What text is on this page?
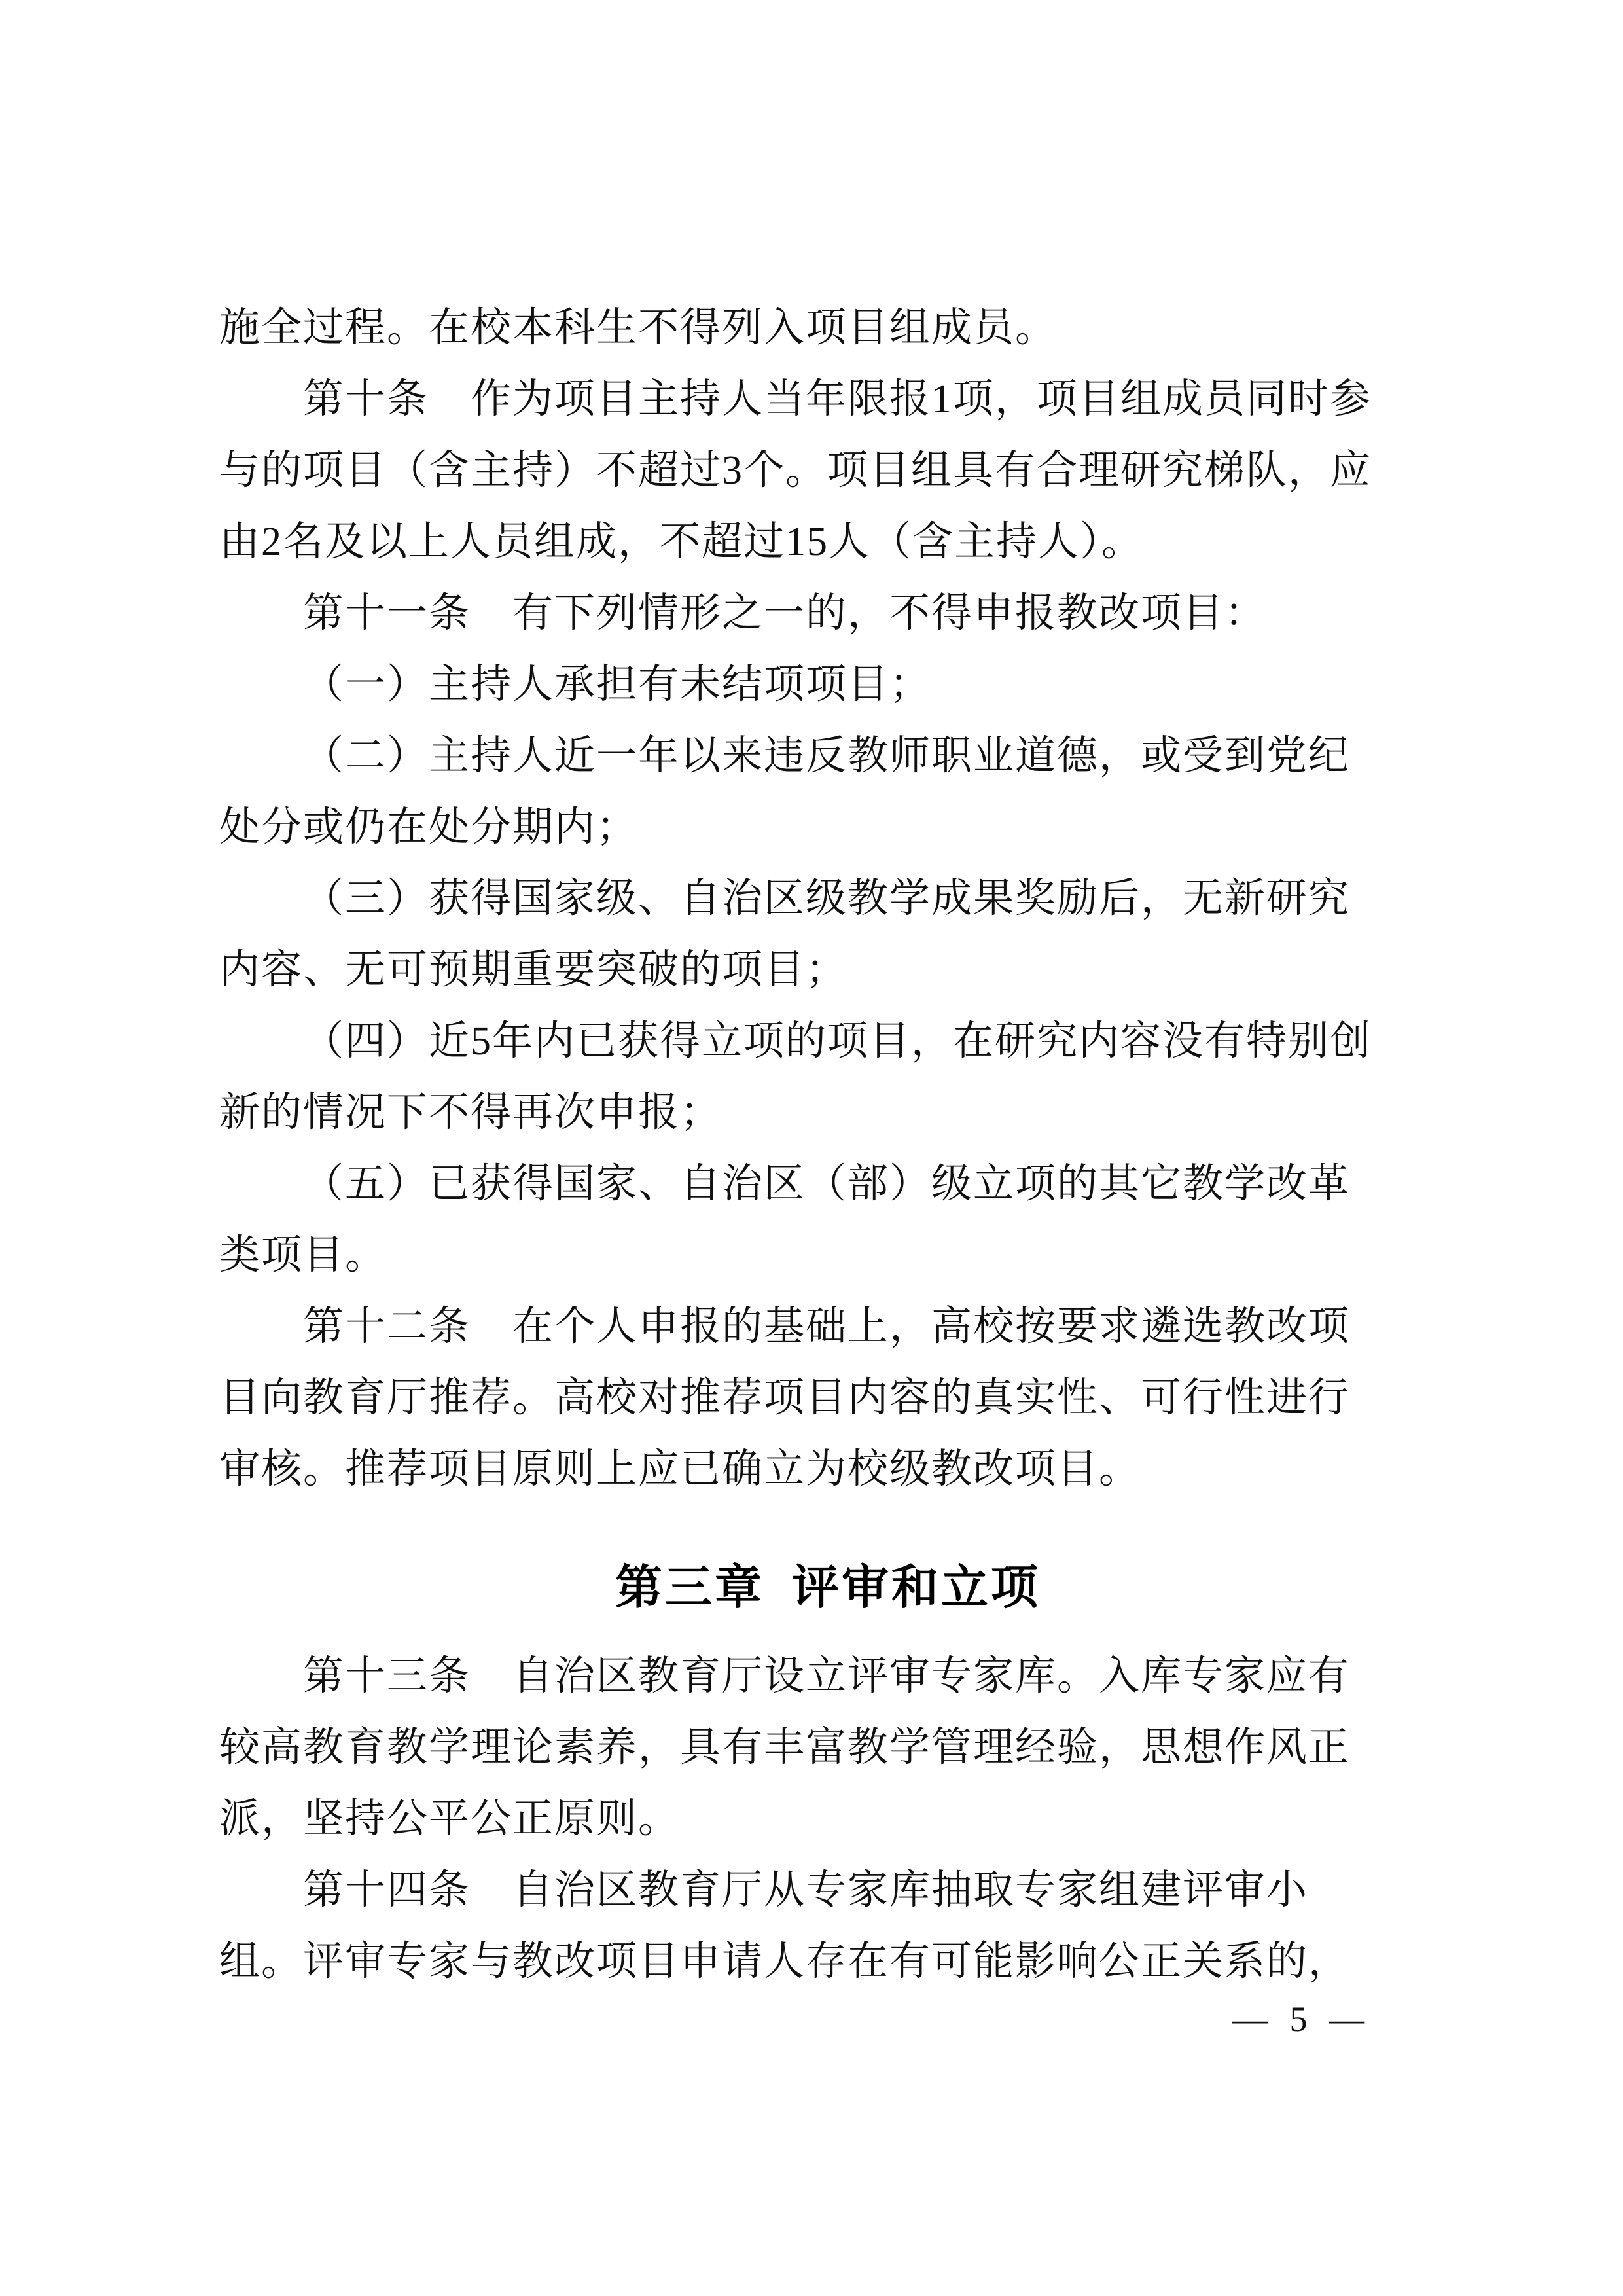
施全过程。在校本科生不得列入项目组成员。

第十条　作为项目主持人当年限报1项，项目组成员同时参

与的项目（含主持）不超过3个。项目组具有合理研究梯队，应

由2名及以上人员组成，不超过15人（含主持人）。

第十一条　有下列情形之一的，不得申报教改项目：

（一）主持人承担有未结项项目；

（二）主持人近一年以来违反教师职业道德，或受到党纪

处分或仍在处分期内；

（三）获得国家级、自治区级教学成果奖励后，无新研究

内容、无可预期重要突破的项目；

（四）近5年内已获得立项的项目，在研究内容没有特别创

新的情况下不得再次申报；

（五）已获得国家、自治区（部）级立项的其它教学改革

类项目。

第十二条　在个人申报的基础上，高校按要求遴选教改项

目向教育厅推荐。高校对推荐项目内容的真实性、可行性进行

审核。推荐项目原则上应已确立为校级教改项目。

第三章 评审和立项

第十三条　自治区教育厅设立评审专家库。入库专家应有

较高教育教学理论素养，具有丰富教学管理经验，思想作风正

派，坚持公平公正原则。

第十四条　自治区教育厅从专家库抽取专家组建评审小

组。评审专家与教改项目申请人存在有可能影响公正关系的，

— 5 —
